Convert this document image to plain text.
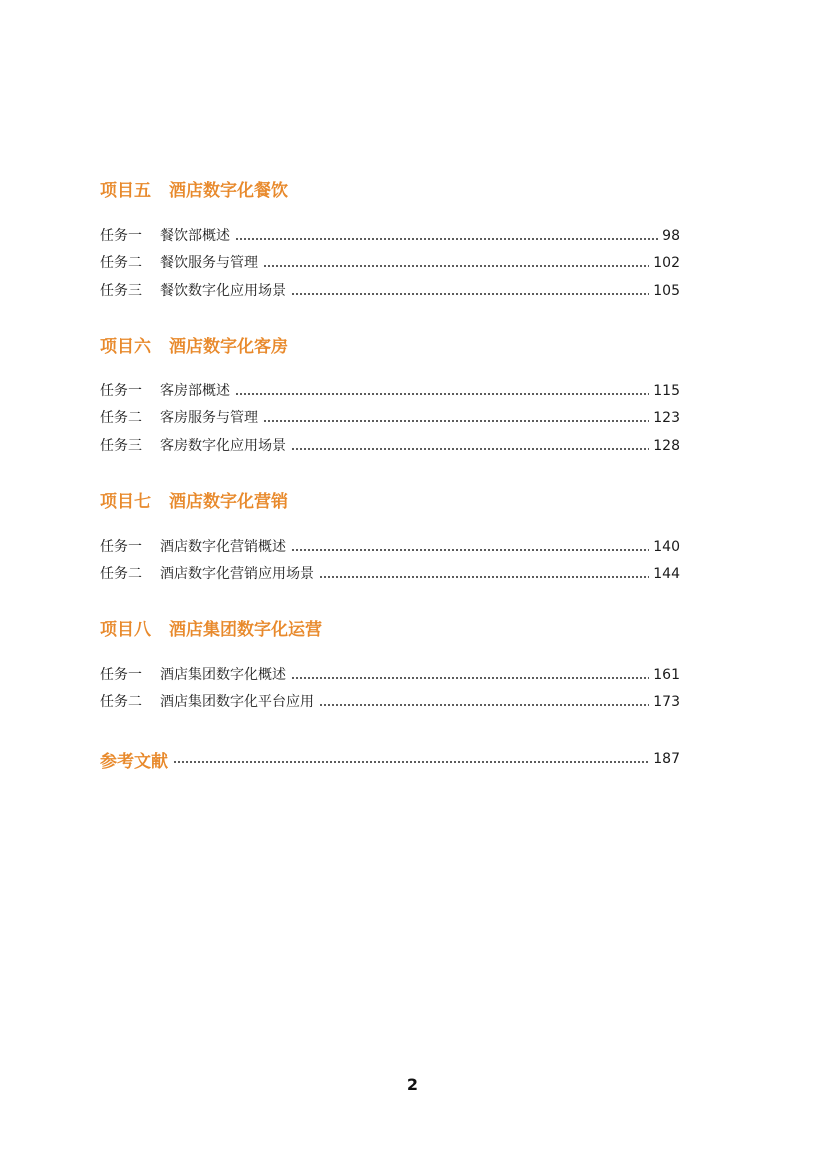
项目五 酒店数字化餐饮
任务一	餐饮部概述	98
任务二	餐饮服务与管理	102
任务三	餐饮数字化应用场景	105
项目六 酒店数字化客房
任务一	客房部概述	115
任务二	客房服务与管理	123
任务三	客房数字化应用场景	128
项目七 酒店数字化营销
任务一	酒店数字化营销概述	140
任务二	酒店数字化营销应用场景	144
项目八 酒店集团数字化运营
任务一	酒店集团数字化概述	161
任务二	酒店集团数字化平台应用	173
参考文献	187
2
